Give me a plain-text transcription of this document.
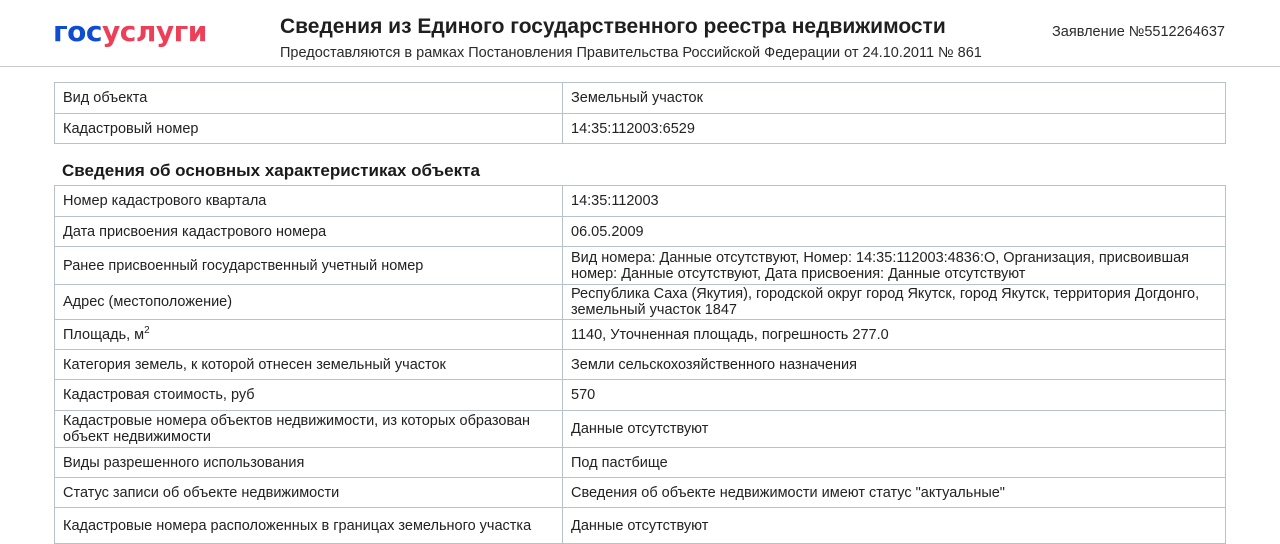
госуслуги	Сведения из Единого государственного реестра недвижимости
Предоставляются в рамках Постановления Правительства Российской Федерации от 24.10.2011 № 861
Заявление №5512264637
Вид объекта	Земельный участок
Кадастровый номер	14:35:112003:6529
Сведения об основных характеристиках объекта
Номер кадастрового квартала	14:35:112003
Дата присвоения кадастрового номера	06.05.2009
Ранее присвоенный государственный учетный номер	Вид номера: Данные отсутствуют, Номер: 14:35:112003:4836:О, Организация, присвоившая номер: Данные отсутствуют, Дата присвоения: Данные отсутствуют
Адрес (местоположение)	Республика Саха (Якутия), городской округ город Якутск, город Якутск, территория Догдонго, земельный участок 1847
Площадь, $м^2$	1140, Уточненная площадь, погрешность 277.0
Категория земель, к которой отнесен земельный участок	Земли сельскохозяйственного назначения
Кадастровая стоимость, руб	570
Кадастровые номера объектов недвижимости, из которых образован объект недвижимости	Данные отсутствуют
Виды разрешенного использования	Под пастбище
Статус записи об объекте недвижимости	Сведения об объекте недвижимости имеют статус "актуальные"
Кадастровые номера расположенных в границах земельного участка	Данные отсутствуют
